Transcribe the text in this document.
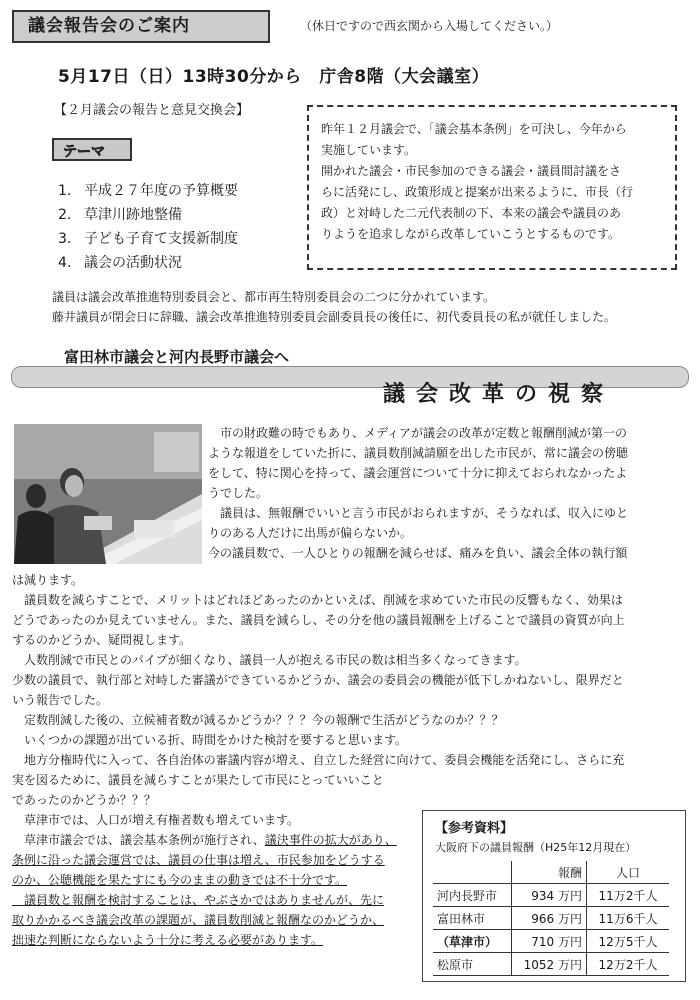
議会報告会のご案内	（休日ですので西玄関から入場してください。）
5月17日（日）13時30分から　庁舎8階（大会議室）
【２月議会の報告と意見交換会】
テーマ
1. 平成２７年度の予算概要
2. 草津川跡地整備
3. 子ども子育て支援新制度
4. 議会の活動状況
昨年１２月議会で、「議会基本条例」を可決し、今年から
実施しています。
開かれた議会・市民参加のできる議会・議員間討議をさ
らに活発にし、政策形成と提案が出来るように、市長（行
政）と対峙した二元代表制の下、本来の議会や議員のあ
りようを追求しながら改革していこうとするものです。
議員は議会改革推進特別委員会と、都市再生特別委員会の二つに分かれています。
藤井議員が閉会日に辞職、議会改革推進特別委員会副委員長の後任に、初代委員長の私が就任しました。
富田林市議会と河内長野市議会へ
議会改革の視察
　市の財政難の時でもあり、メディアが議会の改革が定数と報酬削減が第一の
ような報道をしていた折に、議員数削減請願を出した市民が、常に議会の傍聴
をして、特に関心を持って、議会運営について十分に抑えておられなかったよ
うでした。
　議員は、無報酬でいいと言う市民がおられますが、そうなれば、収入にゆと
りのある人だけに出馬が偏らないか。
今の議員数で、一人ひとりの報酬を減らせば、痛みを負い、議会全体の執行額
は減ります。
　議員数を減らすことで、メリットはどれほどあったのかといえば、削減を求めていた市民の反響もなく、効果は
どうであったのか見えていません。また、議員を減らし、その分を他の議員報酬を上げることで議員の資質が向上
するのかどうか、疑問視します。
　人数削減で市民とのパイプが細くなり、議員一人が抱える市民の数は相当多くなってきます。
少数の議員で、執行部と対峙した審議ができているかどうか、議会の委員会の機能が低下しかねないし、限界だと
いう報告でした。
　定数削減した後の、立候補者数が減るかどうか？？？今の報酬で生活がどうなのか？？？
　いくつかの課題が出ている折、時間をかけた検討を要すると思います。
　地方分権時代に入って、各自治体の審議内容が増え、自立した経営に向けて、委員会機能を活発にし、さらに充
実を図るために、議員を減らすことが果たして市民にとっていいこと
であったのかどうか？？？
　草津市では、人口が増え有権者数も増えています。
　草津市議会では、議会基本条例が施行され、議決事件の拡大があり、
条例に沿った議会運営では、議員の仕事は増え、市民参加をどうする
のか、公聴機能を果たすにも今のままの動きでは不十分です。
　議員数と報酬を検討することは、やぶさかではありませんが、先に
取りかかるべき議会改革の課題が、議員数削減と報酬なのかどうか、
拙速な判断にならないよう十分に考える必要があります。
【参考資料】
大阪府下の議員報酬（H25年12月現在）
	報酬	人口
河内長野市	934 万円	11万2千人
富田林市	966 万円	11万6千人
（草津市）	710 万円	12万5千人
松原市	1052 万円	12万2千人
